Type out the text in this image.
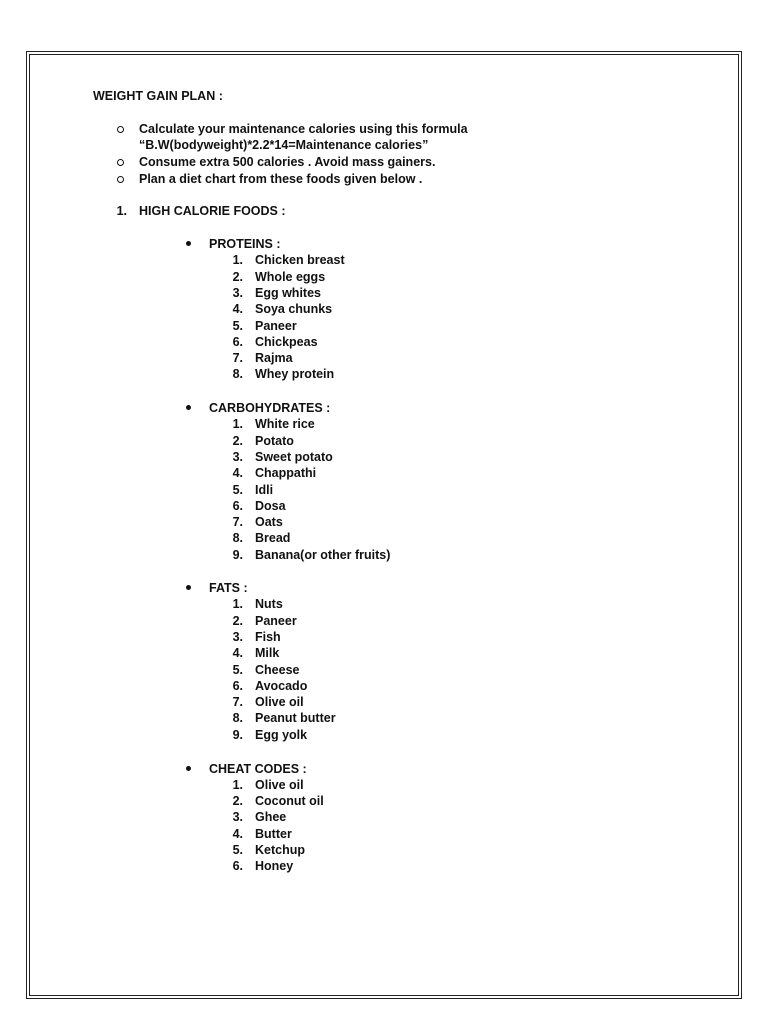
WEIGHT GAIN PLAN :
Calculate your maintenance calories using this formula
“B.W(bodyweight)*2.2*14=Maintenance calories”
Consume extra 500 calories . Avoid mass gainers.
Plan a diet chart from these foods given below .
1. HIGH CALORIE FOODS :
PROTEINS :
1. Chicken breast
2. Whole eggs
3. Egg whites
4. Soya chunks
5. Paneer
6. Chickpeas
7. Rajma
8. Whey protein
CARBOHYDRATES :
1. White rice
2. Potato
3. Sweet potato
4. Chappathi
5. Idli
6. Dosa
7. Oats
8. Bread
9. Banana(or other fruits)
FATS :
1. Nuts
2. Paneer
3. Fish
4. Milk
5. Cheese
6. Avocado
7. Olive oil
8. Peanut butter
9. Egg yolk
CHEAT CODES :
1. Olive oil
2. Coconut oil
3. Ghee
4. Butter
5. Ketchup
6. Honey
